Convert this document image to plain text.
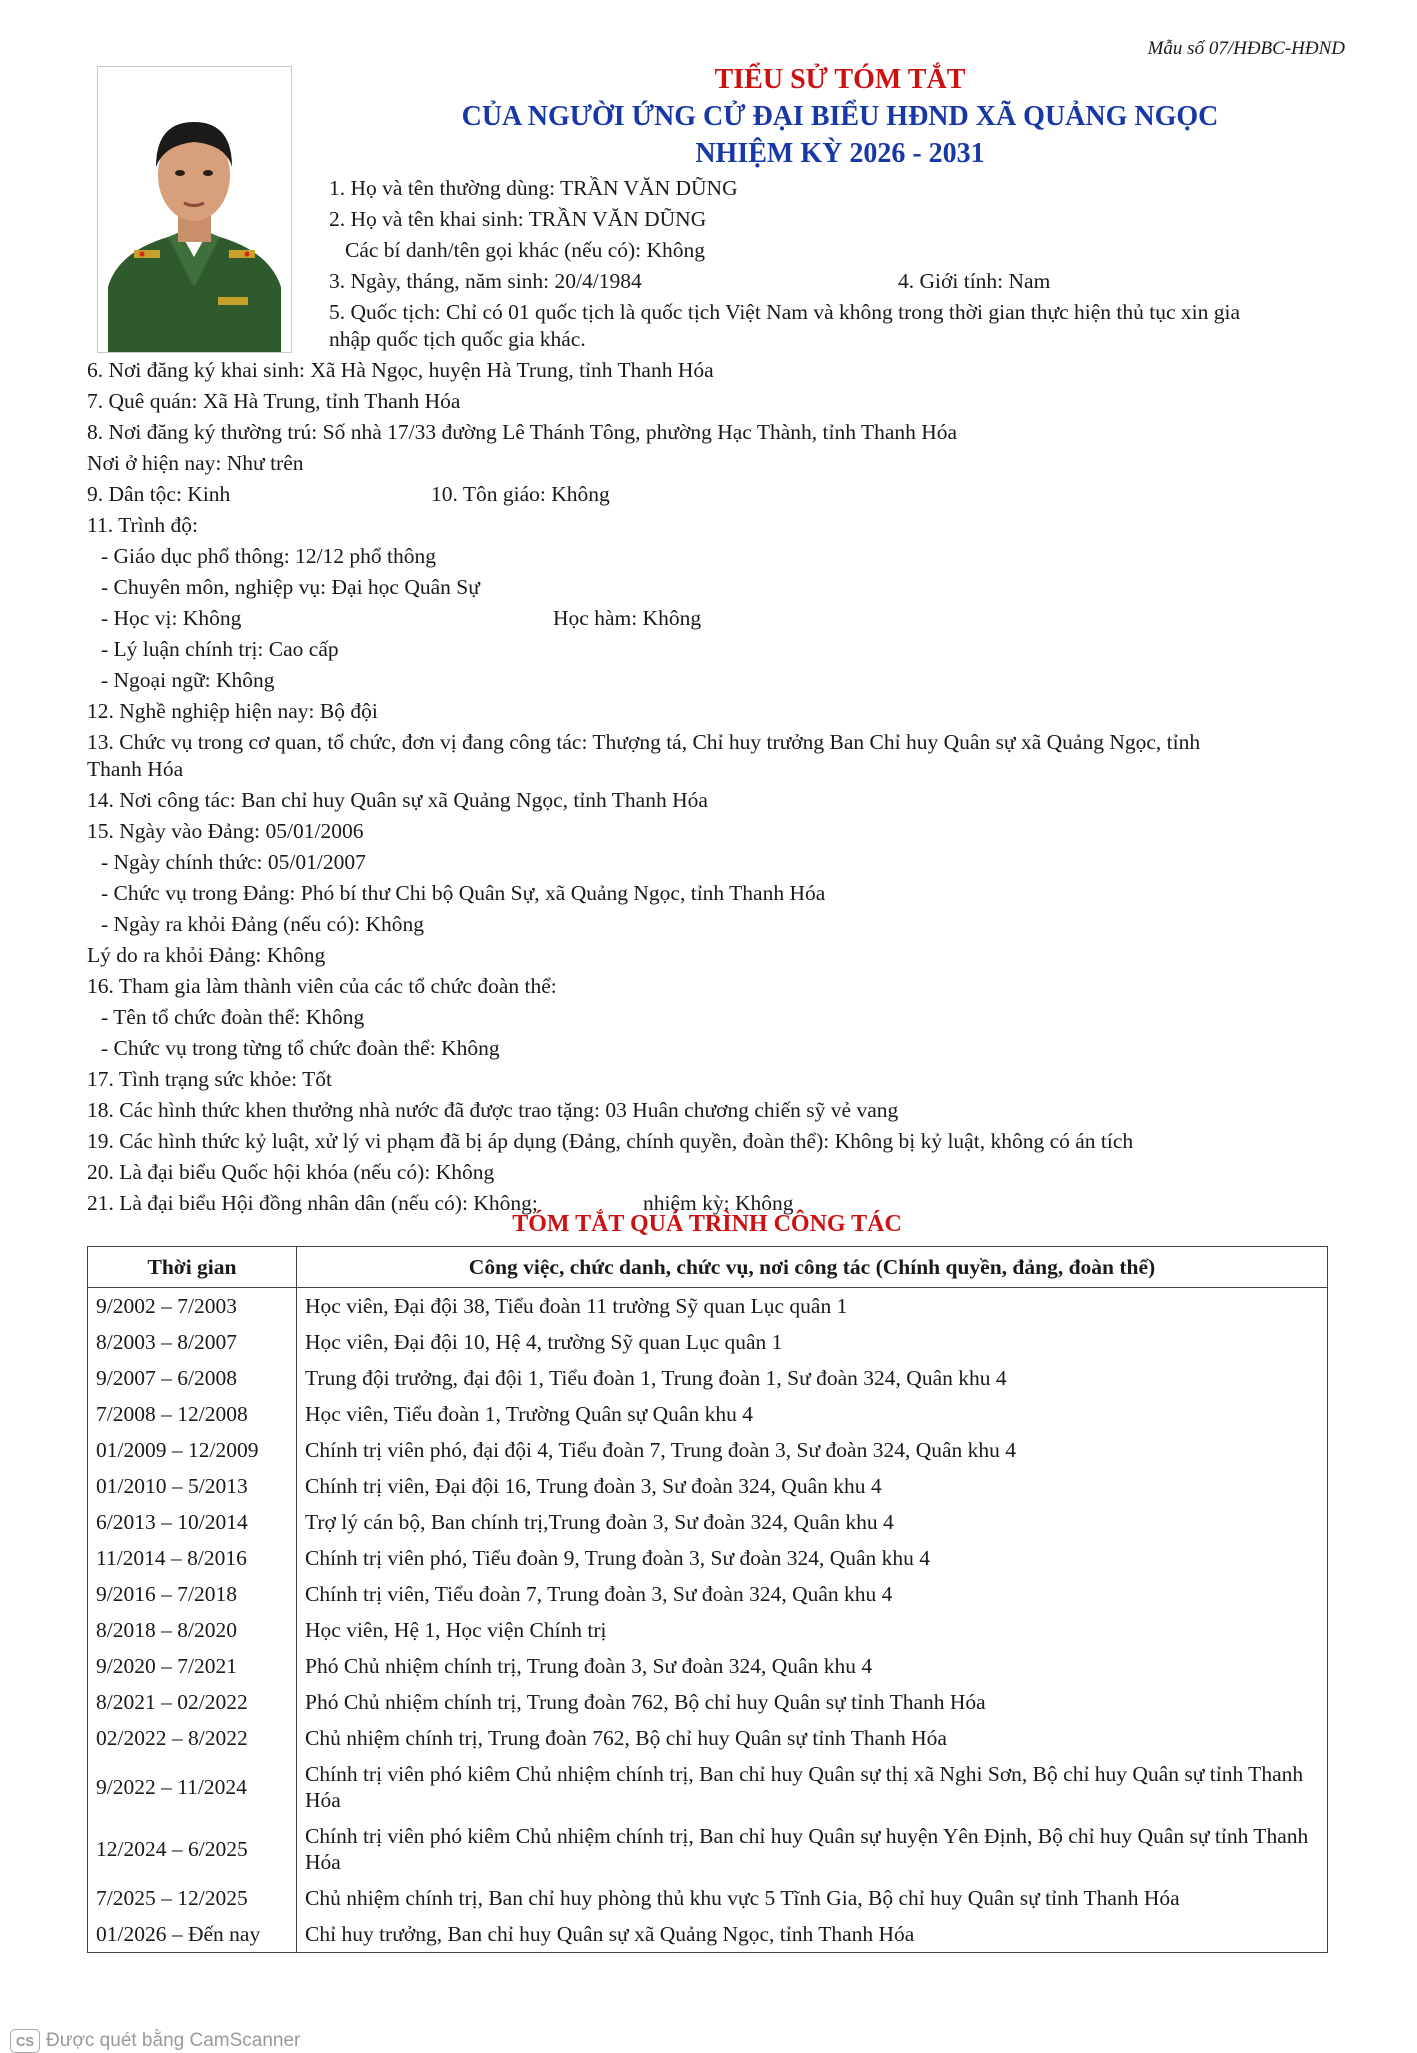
Mẫu số 07/HĐBC-HĐND
TIỂU SỬ TÓM TẮT
CỦA NGƯỜI ỨNG CỬ ĐẠI BIỂU HĐND XÃ QUẢNG NGỌC
NHIỆM KỲ 2026 - 2031
1. Họ và tên thường dùng: TRẦN VĂN DŨNG
2. Họ và tên khai sinh: TRẦN VĂN DŨNG
Các bí danh/tên gọi khác (nếu có): Không
3. Ngày, tháng, năm sinh: 20/4/1984	4. Giới tính: Nam
5. Quốc tịch: Chỉ có 01 quốc tịch là quốc tịch Việt Nam và không trong thời gian thực hiện thủ tục xin gia
nhập quốc tịch quốc gia khác.
6. Nơi đăng ký khai sinh: Xã Hà Ngọc, huyện Hà Trung, tỉnh Thanh Hóa
7. Quê quán: Xã Hà Trung, tỉnh Thanh Hóa
8. Nơi đăng ký thường trú: Số nhà 17/33 đường Lê Thánh Tông, phường Hạc Thành, tỉnh Thanh Hóa
Nơi ở hiện nay: Như trên
9. Dân tộc: Kinh	10. Tôn giáo: Không
11. Trình độ:
- Giáo dục phổ thông: 12/12 phổ thông
- Chuyên môn, nghiệp vụ: Đại học Quân Sự
- Học vị: Không	Học hàm: Không
- Lý luận chính trị: Cao cấp
- Ngoại ngữ: Không
12. Nghề nghiệp hiện nay: Bộ đội
13. Chức vụ trong cơ quan, tổ chức, đơn vị đang công tác: Thượng tá, Chỉ huy trưởng Ban Chỉ huy Quân sự xã Quảng Ngọc, tỉnh
Thanh Hóa
14. Nơi công tác: Ban chỉ huy Quân sự xã Quảng Ngọc, tỉnh Thanh Hóa
15. Ngày vào Đảng: 05/01/2006
- Ngày chính thức: 05/01/2007
- Chức vụ trong Đảng: Phó bí thư Chi bộ Quân Sự, xã Quảng Ngọc, tỉnh Thanh Hóa
- Ngày ra khỏi Đảng (nếu có): Không
Lý do ra khỏi Đảng: Không
16. Tham gia làm thành viên của các tổ chức đoàn thể:
- Tên tổ chức đoàn thể: Không
- Chức vụ trong từng tổ chức đoàn thể: Không
17. Tình trạng sức khỏe: Tốt
18. Các hình thức khen thưởng nhà nước đã được trao tặng: 03 Huân chương chiến sỹ vẻ vang
19. Các hình thức kỷ luật, xử lý vi phạm đã bị áp dụng (Đảng, chính quyền, đoàn thể): Không bị kỷ luật, không có án tích
20. Là đại biểu Quốc hội khóa (nếu có): Không
21. Là đại biểu Hội đồng nhân dân (nếu có): Không;	nhiệm kỳ: Không
TÓM TẮT QUÁ TRÌNH CÔNG TÁC
Thời gian	Công việc, chức danh, chức vụ, nơi công tác (Chính quyền, đảng, đoàn thể)
9/2002 – 7/2003	Học viên, Đại đội 38, Tiểu đoàn 11 trường Sỹ quan Lục quân 1
8/2003 – 8/2007	Học viên, Đại đội 10, Hệ 4, trường Sỹ quan Lục quân 1
9/2007 – 6/2008	Trung đội trưởng, đại đội 1, Tiểu đoàn 1, Trung đoàn 1, Sư đoàn 324, Quân khu 4
7/2008 – 12/2008	Học viên, Tiểu đoàn 1, Trường Quân sự Quân khu 4
01/2009 – 12/2009	Chính trị viên phó, đại đội 4, Tiểu đoàn 7, Trung đoàn 3, Sư đoàn 324, Quân khu 4
01/2010 – 5/2013	Chính trị viên, Đại đội 16, Trung đoàn 3, Sư đoàn 324, Quân khu 4
6/2013 – 10/2014	Trợ lý cán bộ, Ban chính trị,Trung đoàn 3, Sư đoàn 324, Quân khu 4
11/2014 – 8/2016	Chính trị viên phó, Tiểu đoàn 9, Trung đoàn 3, Sư đoàn 324, Quân khu 4
9/2016 – 7/2018	Chính trị viên, Tiểu đoàn 7, Trung đoàn 3, Sư đoàn 324, Quân khu 4
8/2018 – 8/2020	Học viên, Hệ 1, Học viện Chính trị
9/2020 – 7/2021	Phó Chủ nhiệm chính trị, Trung đoàn 3, Sư đoàn 324, Quân khu 4
8/2021 – 02/2022	Phó Chủ nhiệm chính trị, Trung đoàn 762, Bộ chỉ huy Quân sự tỉnh Thanh Hóa
02/2022 – 8/2022	Chủ nhiệm chính trị, Trung đoàn 762, Bộ chỉ huy Quân sự tỉnh Thanh Hóa
9/2022 – 11/2024	Chính trị viên phó kiêm Chủ nhiệm chính trị, Ban chỉ huy Quân sự thị xã Nghi Sơn, Bộ chỉ huy Quân sự tỉnh Thanh Hóa
12/2024 – 6/2025	Chính trị viên phó kiêm Chủ nhiệm chính trị, Ban chỉ huy Quân sự huyện Yên Định, Bộ chỉ huy Quân sự tỉnh Thanh Hóa
7/2025 – 12/2025	Chủ nhiệm chính trị, Ban chỉ huy phòng thủ khu vực 5 Tĩnh Gia, Bộ chỉ huy Quân sự tỉnh Thanh Hóa
01/2026 – Đến nay	Chỉ huy trưởng, Ban chỉ huy Quân sự xã Quảng Ngọc, tỉnh Thanh Hóa
CS Được quét bằng CamScanner
